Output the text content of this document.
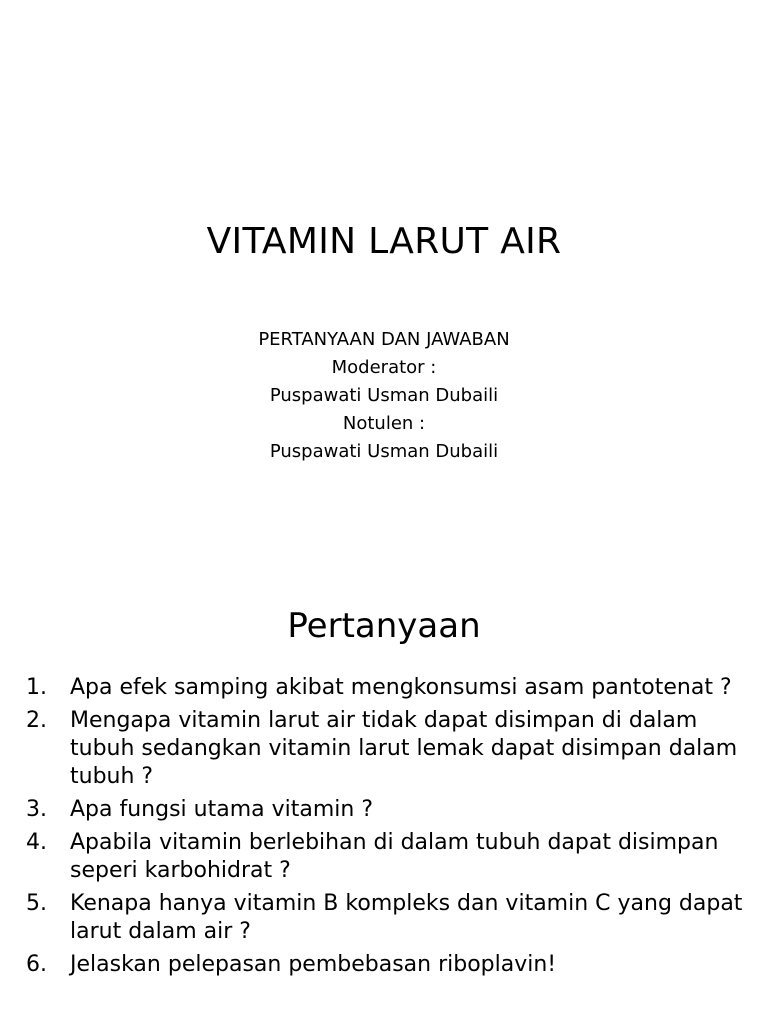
VITAMIN LARUT AIR
PERTANYAAN DAN JAWABAN
Moderator :
Puspawati Usman Dubaili
Notulen :
Puspawati Usman Dubaili
Pertanyaan
1. Apa efek samping akibat mengkonsumsi asam pantotenat ?
2. Mengapa vitamin larut air tidak dapat disimpan di dalam tubuh sedangkan vitamin larut lemak dapat disimpan dalam tubuh ?
3. Apa fungsi utama vitamin ?
4. Apabila vitamin berlebihan di dalam tubuh dapat disimpan seperi karbohidrat ?
5. Kenapa hanya vitamin B kompleks dan vitamin C yang dapat larut dalam air ?
6. Jelaskan pelepasan pembebasan riboplavin!
